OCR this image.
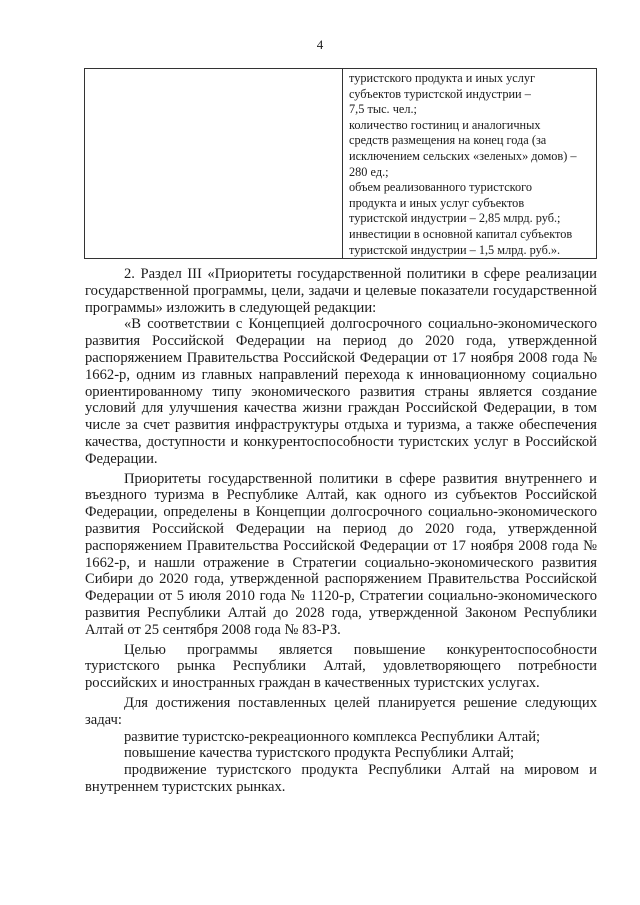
4

туристского продукта и иных услуг
субъектов туристской индустрии –
7,5 тыс. чел.;
количество гостиниц и аналогичных
средств размещения на конец года (за
исключением сельских «зеленых» домов) –
280 ед.;
объем реализованного туристского
продукта и иных услуг субъектов
туристской индустрии – 2,85 млрд. руб.;
инвестиции в основной капитал субъектов
туристской индустрии – 1,5 млрд. руб.».

2. Раздел III «Приоритеты государственной политики в сфере реализации государственной программы, цели, задачи и целевые показатели государственной программы» изложить в следующей редакции:

«В соответствии с Концепцией долгосрочного социально-экономического развития Российской Федерации на период до 2020 года, утвержденной распоряжением Правительства Российской Федерации от 17 ноября 2008 года № 1662-р, одним из главных направлений перехода к инновационному социально ориентированному типу экономического развития страны является создание условий для улучшения качества жизни граждан Российской Федерации, в том числе за счет развития инфраструктуры отдыха и туризма, а также обеспечения качества, доступности и конкурентоспособности туристских услуг в Российской Федерации.

Приоритеты государственной политики в сфере развития внутреннего и въездного туризма в Республике Алтай, как одного из субъектов Российской Федерации, определены в Концепции долгосрочного социально-экономического развития Российской Федерации на период до 2020 года, утвержденной распоряжением Правительства Российской Федерации от 17 ноября 2008 года № 1662-р, и нашли отражение в Стратегии социально-экономического развития Сибири до 2020 года, утвержденной распоряжением Правительства Российской Федерации от 5 июля 2010 года № 1120-р, Стратегии социально-экономического развития Республики Алтай до 2028 года, утвержденной Законом Республики Алтай от 25 сентября 2008 года № 83-РЗ.

Целью программы является повышение конкурентоспособности туристского рынка Республики Алтай, удовлетворяющего потребности российских и иностранных граждан в качественных туристских услугах.

Для достижения поставленных целей планируется решение следующих задач:

развитие туристско-рекреационного комплекса Республики Алтай;

повышение качества туристского продукта Республики Алтай;

продвижение туристского продукта Республики Алтай на мировом и внутреннем туристских рынках.
